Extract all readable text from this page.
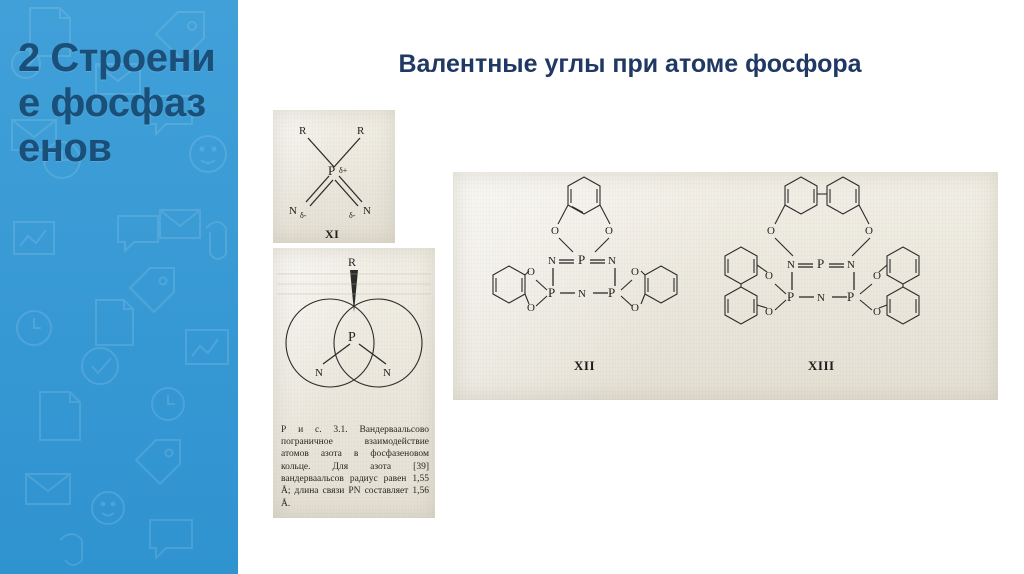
2 Строение фосфазенов
Валентные углы при атоме фосфора
R	R
P δ+
N δ-	δ- N
XI
P
R
N	N
Р и с. 3.1. Вандерваальсово пограничное взаимодействие атомов азота в фосфазеновом кольце. Для азота [39] вандерваальсов радиус равен 1,55 Å; длина связи PN составляет 1,56 Å.
O	O
P
N	N
P	P
N
O
O
O
O
XII
O	O
P
N	N
P	P
N
O
O
O
O
XIII
